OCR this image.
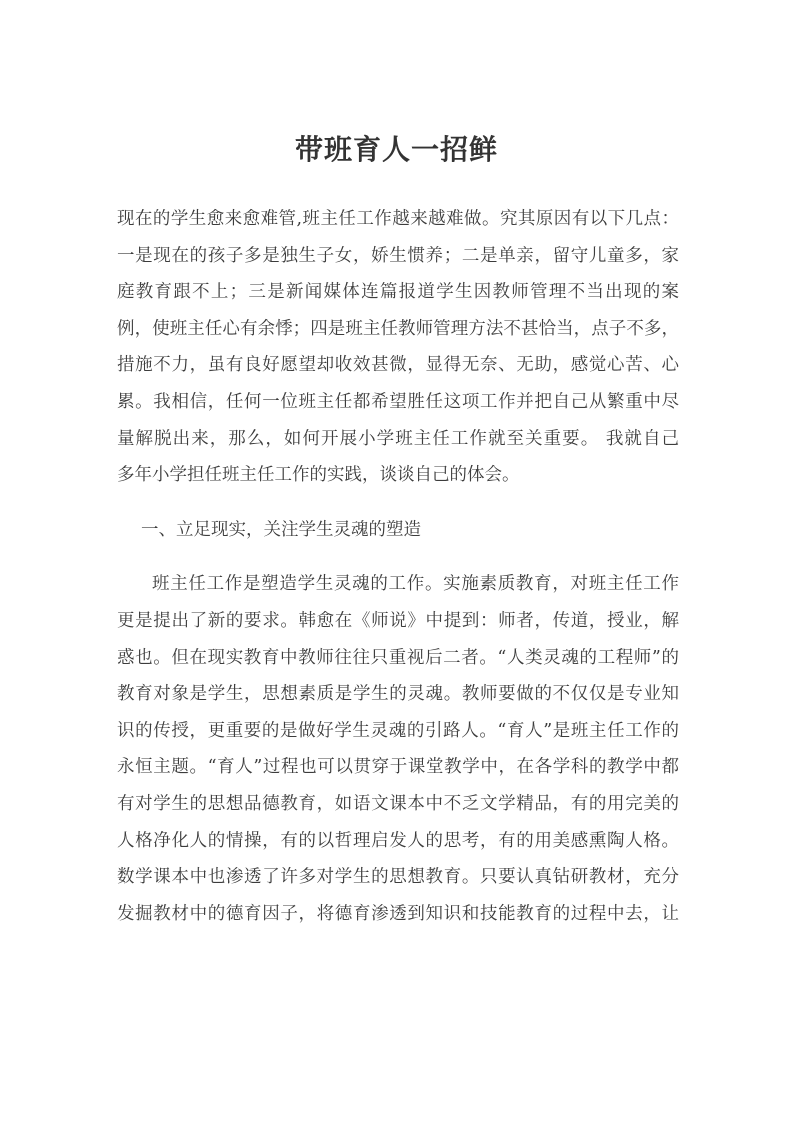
带班育人一招鲜
现在的学生愈来愈难管,班主任工作越来越难做。究其原因有以下几点：
一是现在的孩子多是独生子女，娇生惯养；二是单亲，留守儿童多，家
庭教育跟不上；三是新闻媒体连篇报道学生因教师管理不当出现的案
例，使班主任心有余悸；四是班主任教师管理方法不甚恰当，点子不多，
措施不力，虽有良好愿望却收效甚微，显得无奈、无助，感觉心苦、心
累。我相信，任何一位班主任都希望胜任这项工作并把自己从繁重中尽
量解脱出来，那么，如何开展小学班主任工作就至关重要。 我就自己
多年小学担任班主任工作的实践，谈谈自己的体会。
一、立足现实，关注学生灵魂的塑造
班主任工作是塑造学生灵魂的工作。实施素质教育，对班主任工作
更是提出了新的要求。韩愈在《师说》中提到：师者，传道，授业，解
惑也。但在现实教育中教师往往只重视后二者。“人类灵魂的工程师”的
教育对象是学生，思想素质是学生的灵魂。教师要做的不仅仅是专业知
识的传授，更重要的是做好学生灵魂的引路人。“育人”是班主任工作的
永恒主题。“育人”过程也可以贯穿于课堂教学中，在各学科的教学中都
有对学生的思想品德教育，如语文课本中不乏文学精品，有的用完美的
人格净化人的情操，有的以哲理启发人的思考，有的用美感熏陶人格。
数学课本中也渗透了许多对学生的思想教育。只要认真钻研教材，充分
发掘教材中的德育因子，将德育渗透到知识和技能教育的过程中去，让
